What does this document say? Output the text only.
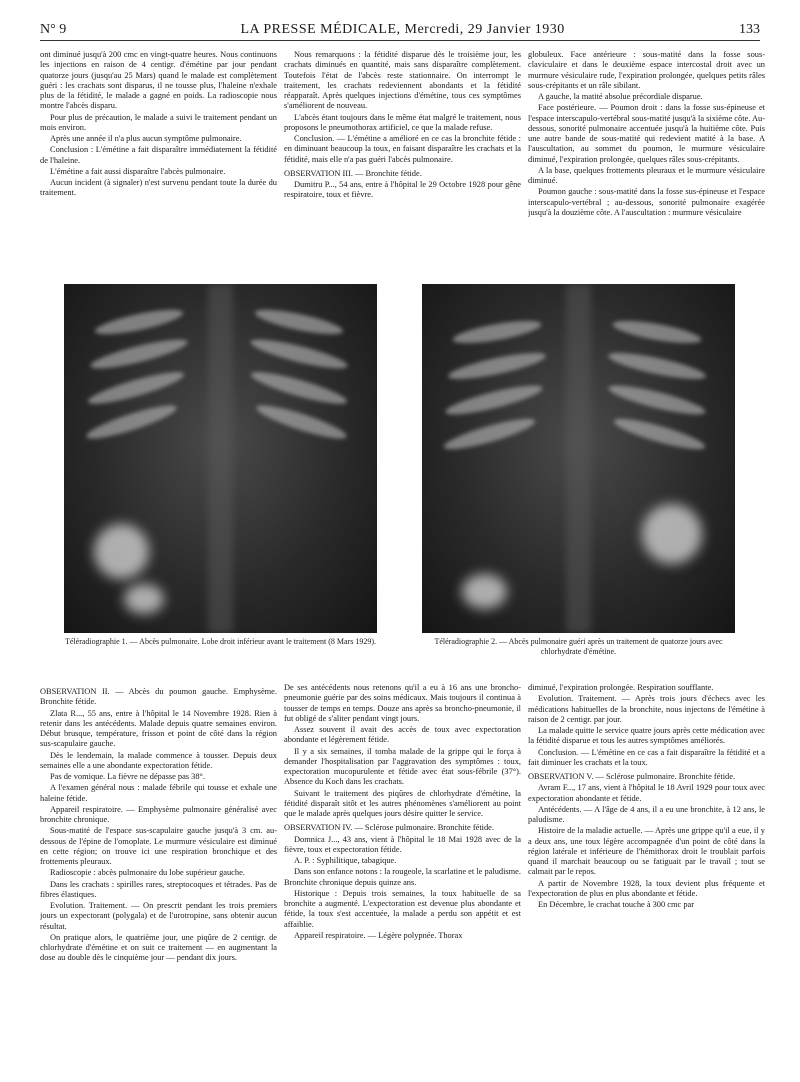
N° 9	LA PRESSE MÉDICALE, Mercredi, 29 Janvier 1930	133

ont diminué jusqu'à 200 cmc en vingt-quatre heures. Nous continuons les injections en raison de 4 centigr. d'émétine par jour pendant quatorze jours (jusqu'au 25 Mars) quand le malade est complètement guéri : les crachats sont disparus, il ne tousse plus, l'haleine n'exhale plus de la fétidité, le malade a gagné en poids. La radioscopie nous montre l'abcès disparu.

Pour plus de précaution, le malade a suivi le traitement pendant un mois environ.

Après une année il n'a plus aucun symptôme pulmonaire.

Conclusion : L'émétine a fait disparaître immédiatement la fétidité de l'haleine.

L'émétine a fait aussi disparaître l'abcès pulmonaire.

Aucun incident (à signaler) n'est survenu pendant toute la durée du traitement.

Nous remarquons : la fétidité disparue dès le troisième jour, les crachats diminués en quantité, mais sans disparaître complètement. Toutefois l'état de l'abcès reste stationnaire. On interrompt le traitement, les crachats redeviennent abondants et la fétidité réapparaît. Après quelques injections d'émétine, tous ces symptômes s'améliorent de nouveau.

L'abcès étant toujours dans le même état malgré le traitement, nous proposons le pneumothorax artificiel, ce que la malade refuse.

Conclusion. — L'émétine a amélioré en ce cas la bronchite fétide : en diminuant beaucoup la toux, en faisant disparaître les crachats et la fétidité, mais elle n'a pas guéri l'abcès pulmonaire.

OBSERVATION III. — Bronchite fétide.

Dumitru P..., 54 ans, entre à l'hôpital le 29 Octobre 1928 pour gêne respiratoire, toux et fièvre.

globuleux. Face antérieure : sous-matité dans la fosse sous-claviculaire et dans le deuxième espace intercostal droit avec un murmure vésiculaire rude, l'expiration prolongée, quelques petits râles sous-crépitants et un râle sibilant.

A gauche, la matité absolue précordiale disparue.

Face postérieure. — Poumon droit : dans la fosse sus-épineuse et l'espace interscapulo-vertébral sous-matité jusqu'à la sixième côte. Au-dessous, sonorité pulmonaire accentuée jusqu'à la huitième côte. Puis une autre bande de sous-matité qui redevient matité à la base. A l'auscultation, au sommet du poumon, le murmure vésiculaire diminué, l'expiration prolongée, quelques râles sous-crépitants.

A la base, quelques frottements pleuraux et le murmure vésiculaire diminué.

Poumon gauche : sous-matité dans la fosse sus-épineuse et l'espace interscapulo-vertébral ; au-dessous, sonorité pulmonaire exagérée jusqu'à la douzième côte. A l'auscultation : murmure vésiculaire

Téléradiographie 1. — Abcès pulmonaire. Lobe droit inférieur avant le traitement (8 Mars 1929).	Téléradiographie 2. — Abcès pulmonaire guéri après un traitement de quatorze jours avec chlorhydrate d'émétine.

OBSERVATION II. — Abcès du poumon gauche. Emphysème. Bronchite fétide.

Zlata R..., 55 ans, entre à l'hôpital le 14 Novembre 1928. Rien à retenir dans les antécédents. Malade depuis quatre semaines environ. Début brusque, température, frisson et point de côté dans la région sus-scapulaire gauche.

Dès le lendemain, la malade commence à tousser. Depuis deux semaines elle a une abondante expectoration fétide.

Pas de vomique. La fièvre ne dépasse pas 38°.

A l'examen général nous : malade fébrile qui tousse et exhale une haleine fétide.

Appareil respiratoire. — Emphysème pulmonaire généralisé avec bronchite chronique.

Sous-matité de l'espace sus-scapulaire gauche jusqu'à 3 cm. au-dessous de l'épine de l'omoplate. Le murmure vésiculaire est diminué en cette région; on trouve ici une respiration bronchique et des frottements pleuraux.

Radioscopie : abcès pulmonaire du lobe supérieur gauche.

Dans les crachats : spirilles rares, streptocoques et tétrades. Pas de fibres élastiques.

Evolution. Traitement. — On prescrit pendant les trois premiers jours un expectorant (polygala) et de l'urotropine, sans obtenir aucun résultat.

On pratique alors, le quatrième jour, une piqûre de 2 centigr. de chlorhydrate d'émétine et on suit ce traitement — en augmentant la dose au double dès le cinquième jour — pendant dix jours.

De ses antécédents nous retenons qu'il a eu à 16 ans une broncho-pneumonie guérie par des soins médicaux. Mais toujours il continua à tousser de temps en temps. Douze ans après sa broncho-pneumonie, il fut obligé de s'aliter pendant vingt jours.

Assez souvent il avait des accès de toux avec expectoration abondante et légèrement fétide.

Il y a six semaines, il tomba malade de la grippe qui le força à demander l'hospitalisation par l'aggravation des symptômes : toux, expectoration mucopurulente et fétide avec état sous-fébrile (37°). Absence du Koch dans les crachats.

Suivant le traitement des piqûres de chlorhydrate d'émétine, la fétidité disparaît sitôt et les autres phénomènes s'améliorent au point que le malade après quelques jours désire quitter le service.

OBSERVATION IV. — Sclérose pulmonaire. Bronchite fétide.

Domnica J..., 43 ans, vient à l'hôpital le 18 Mai 1928 avec de la fièvre, toux et expectoration fétide.

A. P. : Syphilitique, tabagique.

Dans son enfance notons : la rougeole, la scarlatine et le paludisme. Bronchite chronique depuis quinze ans.

Historique : Depuis trois semaines, la toux habituelle de sa bronchite a augmenté. L'expectoration est devenue plus abondante et fétide, la toux s'est accentuée, la malade a perdu son appétit et est affaiblie.

Appareil respiratoire. — Légère polypnée. Thorax

diminué, l'expiration prolongée. Respiration soufflante.

Evolution. Traitement. — Après trois jours d'échecs avec les médications habituelles de la bronchite, nous injectons de l'émétine à raison de 2 centigr. par jour.

La malade quitte le service quatre jours après cette médication avec la fétidité disparue et tous les autres symptômes améliorés.

Conclusion. — L'émétine en ce cas a fait disparaître la fétidité et a fait diminuer les crachats et la toux.

OBSERVATION V. — Sclérose pulmonaire. Bronchite fétide.

Avram F..., 17 ans, vient à l'hôpital le 18 Avril 1929 pour toux avec expectoration abondante et fétide.

Antécédents. — A l'âge de 4 ans, il a eu une bronchite, à 12 ans, le paludisme.

Histoire de la maladie actuelle. — Après une grippe qu'il a eue, il y a deux ans, une toux légère accompagnée d'un point de côté dans la région latérale et inférieure de l'hémithorax droit le troublait parfois quand il marchait beaucoup ou se fatiguait par le travail ; tout se calmait par le repos.

A partir de Novembre 1928, la toux devient plus fréquente et l'expectoration de plus en plus abondante et fétide.

En Décembre, le crachat touche à 300 cmc par
